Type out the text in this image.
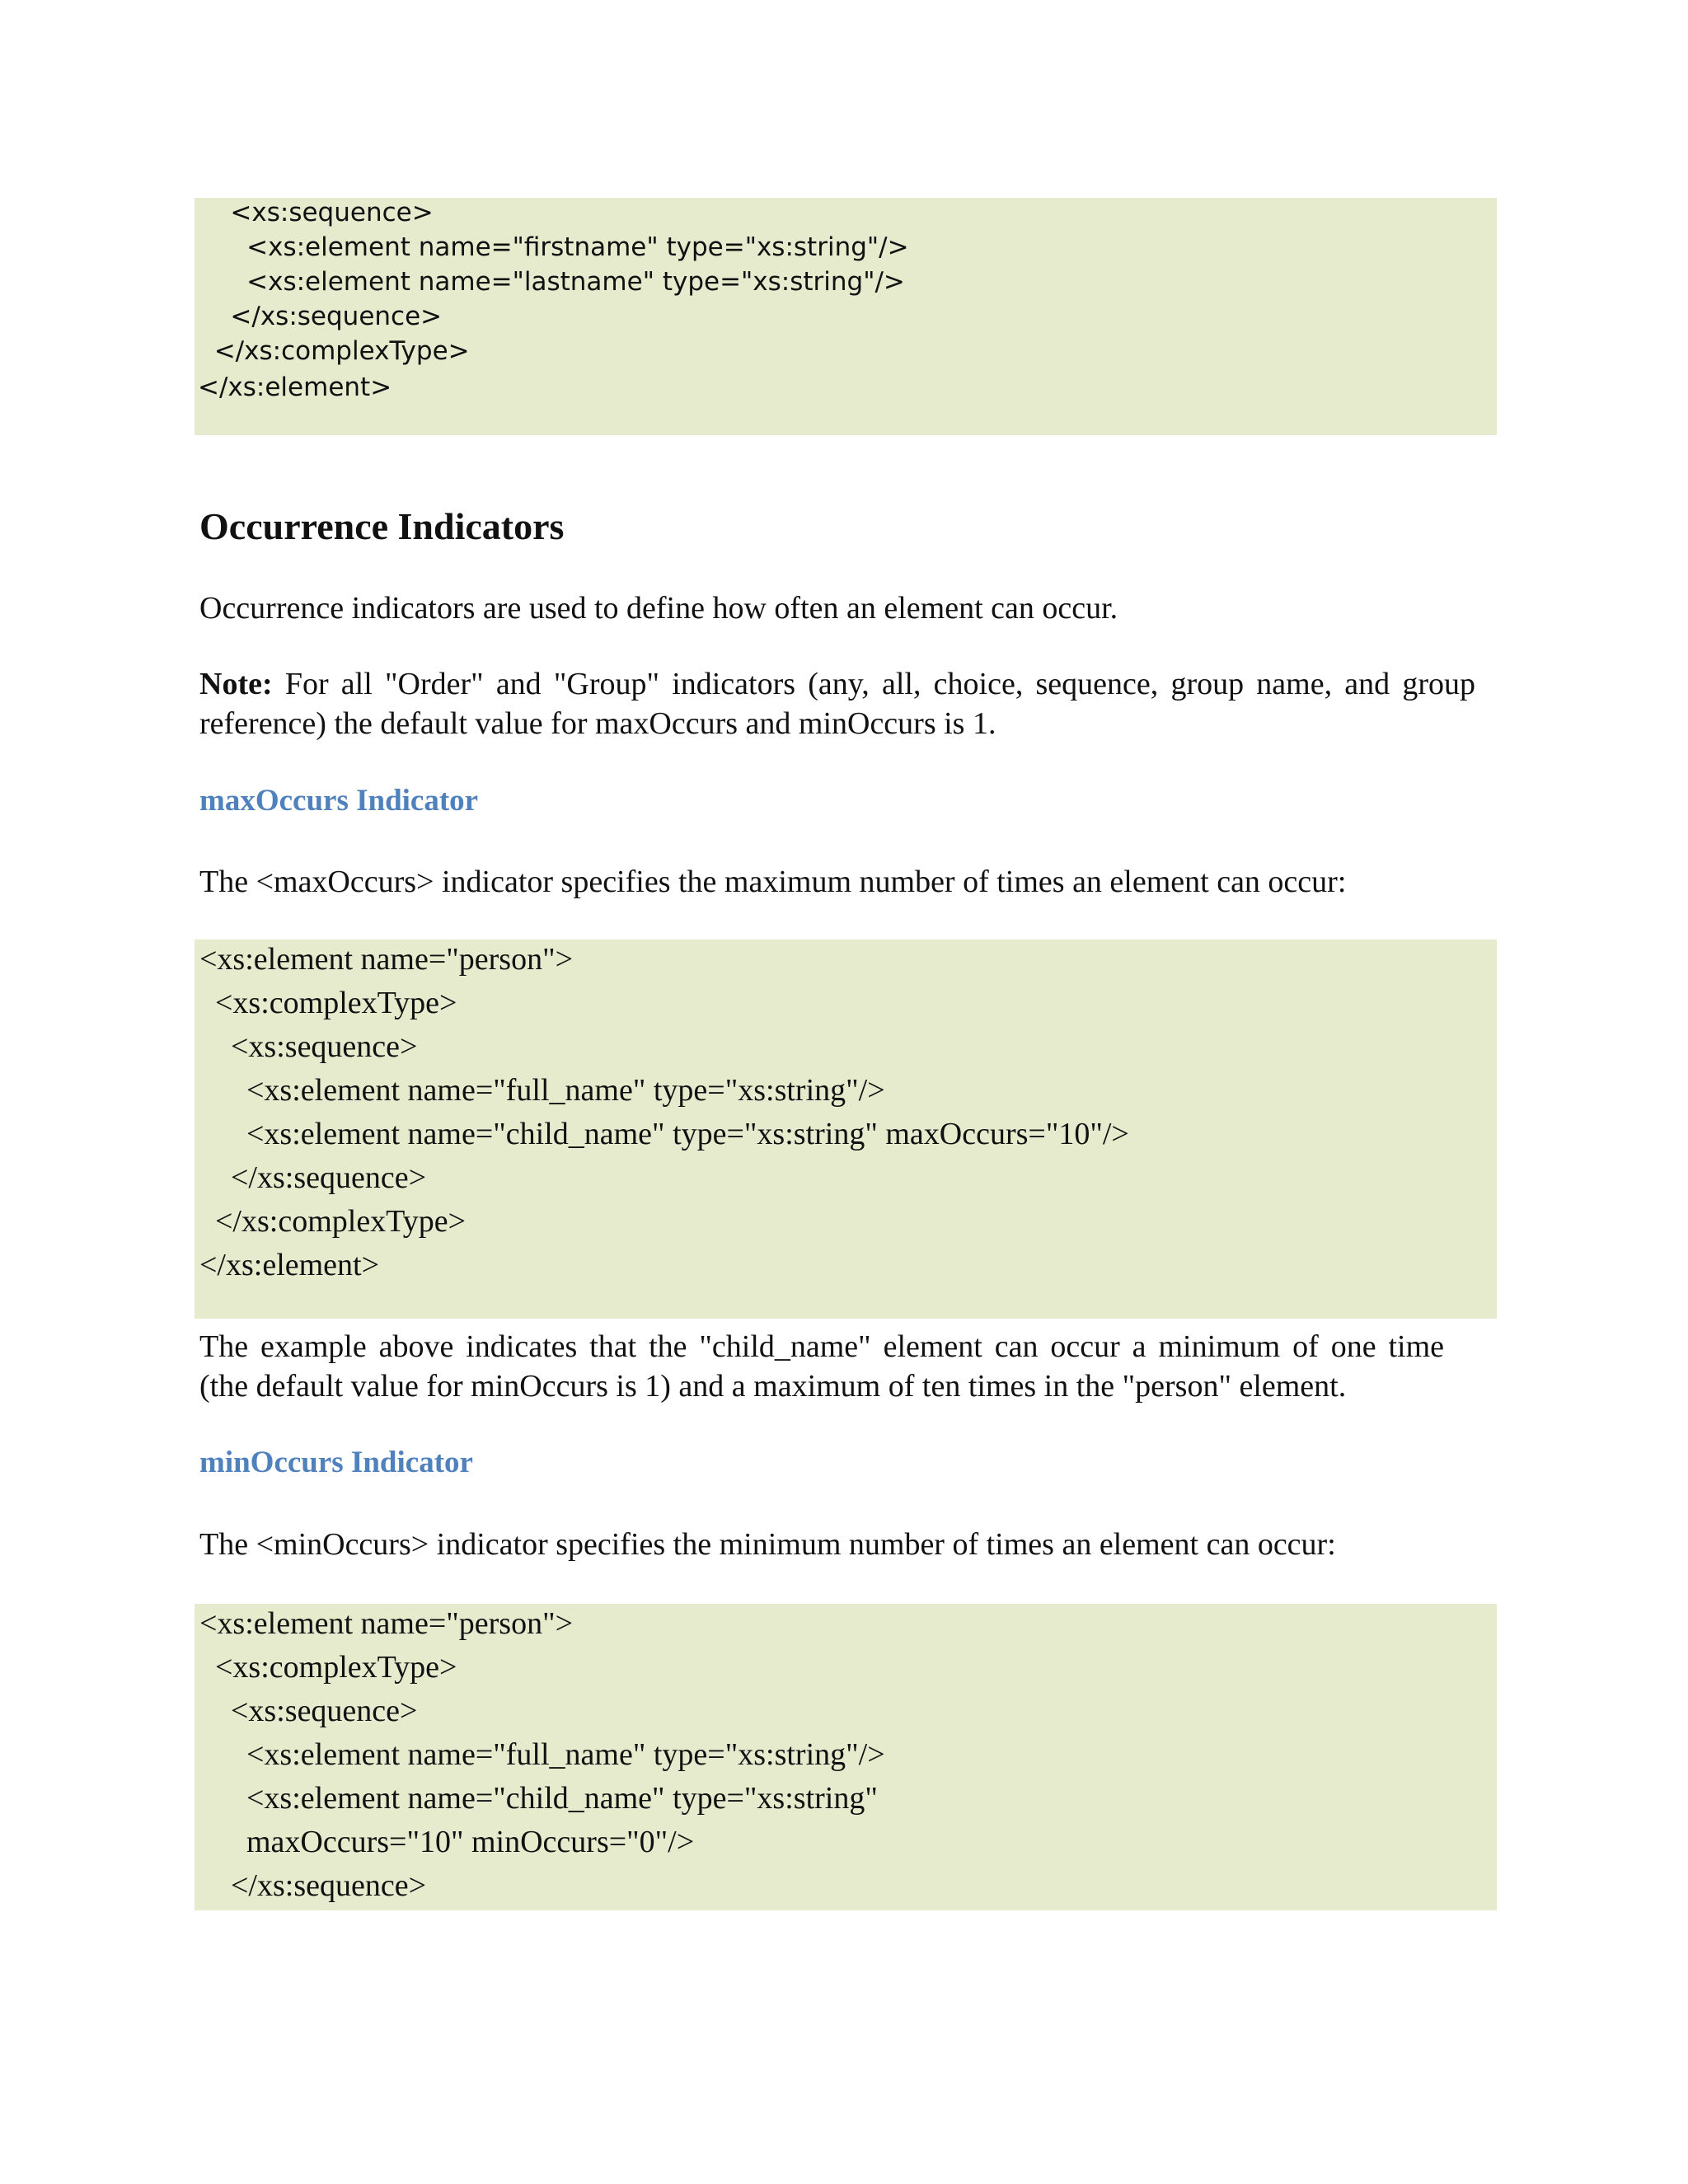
<xs:sequence>
<xs:element name="firstname" type="xs:string"/>
<xs:element name="lastname" type="xs:string"/>
</xs:sequence>
</xs:complexType>
</xs:element>
Occurrence Indicators
Occurrence indicators are used to define how often an element can occur.
Note: For all "Order" and "Group" indicators (any, all, choice, sequence, group name, and group
reference) the default value for maxOccurs and minOccurs is 1.
maxOccurs Indicator
The <maxOccurs> indicator specifies the maximum number of times an element can occur:
<xs:element name="person">
<xs:complexType>
<xs:sequence>
<xs:element name="full_name" type="xs:string"/>
<xs:element name="child_name" type="xs:string" maxOccurs="10"/>
</xs:sequence>
</xs:complexType>
</xs:element>
The example above indicates that the "child_name" element can occur a minimum of one time
(the default value for minOccurs is 1) and a maximum of ten times in the "person" element.
minOccurs Indicator
The <minOccurs> indicator specifies the minimum number of times an element can occur:
<xs:element name="person">
<xs:complexType>
<xs:sequence>
<xs:element name="full_name" type="xs:string"/>
<xs:element name="child_name" type="xs:string"
maxOccurs="10" minOccurs="0"/>
</xs:sequence>
